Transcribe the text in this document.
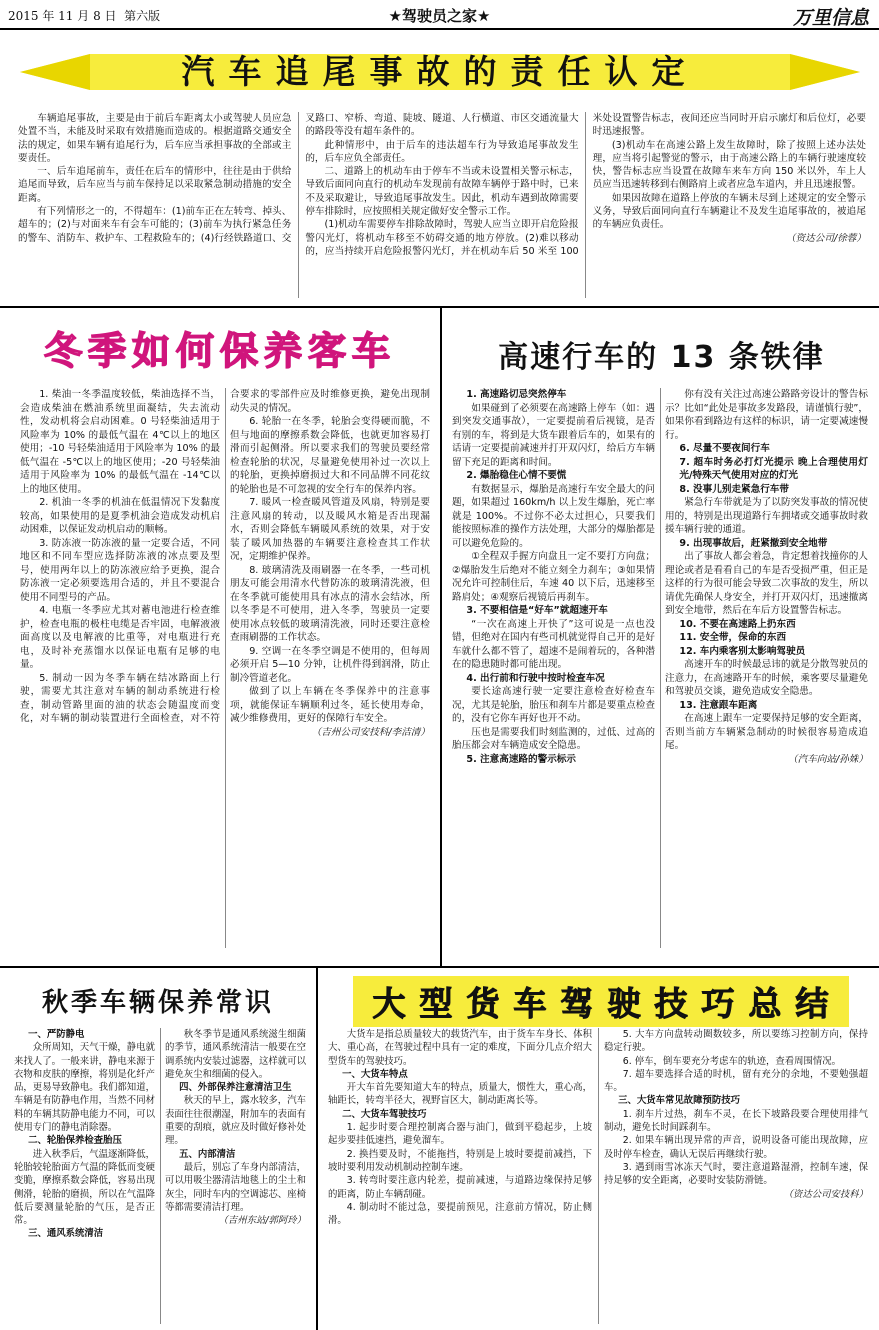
2015 年 11 月 8 日 第六版	★驾驶员之家★	万里信息
汽车追尾事故的责任认定

车辆追尾事故，主要是由于前后车距离太小或驾驶人员应急处置不当，未能及时采取有效措施而造成的。根据道路交通安全法的规定，如果车辆有追尾行为，后车应当承担事故的全部或主要责任。

一、后车追尾前车，责任在后车的情形中，往往是由于供给追尾而导致，后车应当与前车保持足以采取紧急制动措施的安全距离。

有下列情形之一的，不得超车：(1)前车正在左转弯、掉头、超车的；(2)与对面来车有会车可能的；(3)前车为执行紧急任务的警车、消防车、救护车、工程救险车的；(4)行经铁路道口、交叉路口、窄桥、弯道、陡坡、隧道、人行横道、市区交通流量大的路段等没有超车条件的。

此种情形中，由于后车的违法超车行为导致追尾事故发生的，后车应负全部责任。

二、道路上的机动车由于停车不当或未设置相关警示标志，导致后面同向直行的机动车发现前有故障车辆停于路中时，已来不及采取避让，导致追尾事故发生。因此，机动车遇到故障需要停车排除时，应按照相关规定做好安全警示工作。

(1)机动车需要停车排除故障时，驾驶人应当立即开启危险报警闪光灯，将机动车移至不妨碍交通的地方停放。(2)难以移动的，应当持续开启危险报警闪光灯，并在机动车后 50 米至 100 米处设置警告标志，夜间还应当同时开启示廓灯和后位灯，必要时迅速报警。

(3)机动车在高速公路上发生故障时，除了按照上述办法处理，应当将引起警觉的警示，由于高速公路上的车辆行驶速度较快，警告标志应当设置在故障车来车方向 150 米以外，车上人员应当迅速转移到右侧路肩上或者应急车道内，并且迅速报警。

如果因故障在道路上停放的车辆未尽到上述规定的安全警示义务，导致后面同向直行车辆避让不及发生追尾事故的，被追尾的车辆应负责任。

（资达公司/徐蓉）

冬季如何保养客车

1. 柴油一冬季温度较低，柴油选择不当，会造成柴油在燃油系统里面凝结，失去流动性，发动机将会启动困难。0 号轻柴油适用于风险率为 10% 的最低气温在 4℃以上的地区使用；-10 号轻柴油适用于风险率为 10% 的最低气温在 -5℃以上的地区使用；-20 号轻柴油适用于风险率为 10% 的最低气温在 -14℃以上的地区使用。

2. 机油一冬季的机油在低温情况下发黏度较高，如果使用的是夏季机油会造成发动机启动困难，以保证发动机启动的顺畅。

3. 防冻液一防冻液的量一定要合适，不同地区和不同车型应选择防冻液的冰点要及型号，使用两年以上的防冻液应给予更换，混合防冻液一定必须要选用合适的，并且不要混合使用不同型号的产品。

4. 电瓶一冬季应尤其对蓄电池进行检查维护，检查电瓶的极柱电缆是否牢固，电解液液面高度以及电解液的比重等，对电瓶进行充电，及时补充蒸馏水以保证电瓶有足够的电量。

5. 制动一因为冬季车辆在结冰路面上行驶，需要尤其注意对车辆的制动系统进行检查，制动管路里面的油的状态会随温度而变化，对车辆的制动装置进行全面检查，对不符合要求的零部件应及时维修更换，避免出现制动失灵的情况。

6. 轮胎一在冬季，轮胎会变得硬而脆，不但与地面的摩擦系数会降低，也就更加容易打滑而引起侧滑。所以要求我们的驾驶员要经常检查轮胎的状况，尽量避免使用补过一次以上的轮胎，更换掉磨损过大和不同品牌不同花纹的轮胎也是不可忽视的安全行车的保养内容。

7. 暖风一检查暖风管道及风扇，特别是要注意风扇的转动，以及暖风水箱是否出现漏水，否则会降低车辆暖风系统的效果，对于安装了暖风加热器的车辆要注意检查其工作状况，定期维护保养。

8. 玻璃清洗及雨刷器一在冬季，一些司机朋友可能会用清水代替防冻的玻璃清洗液，但在冬季就可能使用具有冰点的清水会结冰，所以冬季是不可使用，进入冬季，驾驶员一定要使用冰点较低的玻璃清洗液，同时还要注意检查雨刷器的工作状态。

9. 空调一在冬季空调是不使用的，但每周必须开启 5—10 分钟，让机件得到润滑，防止制冷管道老化。

做到了以上车辆在冬季保养中的注意事项，就能保证车辆顺利过冬，延长使用寿命，减少维修费用，更好的保障行车安全。

（吉州公司安技科/李洁清）

高速行车的 13 条铁律

1. 高速路切忌突然停车

如果碰到了必须要在高速路上停车（如：遇到突发交通事故），一定要提前看后视镜，是否有别的车，将到是大货车跟着后车的，如果有的话请一定要提前减速并打开双闪灯，给后方车辆留下充足的距离和时间。

2. 爆胎稳住心情不要慌

有数据显示，爆胎是高速行车安全最大的问题，如果超过 160km/h 以上发生爆胎，死亡率就是 100%。不过你不必太过担心，只要我们能按照标准的操作方法处理，大部分的爆胎都是可以避免危险的。

①全程双手握方向盘且一定不要打方向盘；②爆胎发生后绝对不能立刻全力刹车；③如果情况允许可控制住后，车速 40 以下后，迅速移至路肩处；④观察后视镜后再刹车。

3. 不要相信是“好车”就超速开车

“一次在高速上开快了”这可说是一点也没错，但绝对在国内有些司机就觉得自己开的是好车就什么都不管了，超速不是闹着玩的，各种潜在的隐患随时都可能出现。

4. 出行前和行驶中按时检查车况

要长途高速行驶一定要注意检查好检查车况，尤其是轮胎，胎压和刹车片都是要重点检查的，没有它你车再好也开不动。

压也是需要我们时刻监测的，过低、过高的胎压都会对车辆造成安全隐患。

5. 注意高速路的警示标示

你有没有关注过高速公路路旁设计的警告标示？比如“此处是事故多发路段，请谨慎行驶”，如果你看到路边有这样的标识，请一定要减速慢行。

6. 尽量不要夜间行车

7. 超车时务必打灯光提示 晚上合理使用灯光/特殊天气使用对应的灯光

8. 没事儿别走紧急行车带

紧急行车带就是为了以防突发事故的情况使用的，特别是出现道路行车拥堵或交通事故时救援车辆行驶的通道。

9. 出现事故后，赶紧撤到安全地带

出了事故人都会着急，肯定想着找撞你的人理论或者是看看自己的车是否受损严重，但正是这样的行为很可能会导致二次事故的发生，所以请优先确保人身安全，并打开双闪灯，迅速撤离到安全地带，然后在车后方设置警告标志。

10. 不要在高速路上扔东西

11. 安全带，保命的东西

12. 车内乘客别太影响驾驶员

高速开车的时候最忌讳的就是分散驾驶员的注意力，在高速路开车的时候，乘客要尽量避免和驾驶员交谈，避免造成安全隐患。

13. 注意跟车距离

在高速上跟车一定要保持足够的安全距离，否则当前方车辆紧急制动的时候很容易造成追尾。

（汽车向站/孙姝）

秋季车辆保养常识

一、严防静电

众所周知，天气干燥，静电就来找人了。一般来讲，静电来源于衣物和皮肤的摩擦，将别是化纤产品，更易导致静电。我们都知道，车辆是有防静电作用，当然不同材料的车辆其防静电能力不同，可以使用专门的静电消除器。

二、轮胎保养检查胎压

进入秋季后，气温逐渐降低，轮胎较轮胎面方气温的降低而变硬变脆，摩擦系数会降低，容易出现侧滑，轮胎的磨损，所以在气温降低后要测量轮胎的气压，是否正常。

三、通风系统清洁

秋冬季节是通风系统滋生细菌的季节，通风系统清洁一般要在空调系统内安装过滤器，这样就可以避免灰尘和细菌的侵入。

四、外部保养注意清洁卫生

秋天的早上，露水较多，汽车表面往往很潮湿，附加车的表面有重要的刮痕，就应及时做好修补处理。

五、内部清洁

最后，别忘了车身内部清洁，可以用吸尘器清洁地毯上的尘土和灰尘，同时车内的空调滤芯、座椅等都需要清洁打理。

（吉州东站/郭阿玲）

大型货车驾驶技巧总结

大货车是指总质量较大的载货汽车，由于货车车身长、体积大、重心高，在驾驶过程中具有一定的难度，下面分几点介绍大型货车的驾驶技巧。

一、大货车特点

开大车首先要知道大车的特点，质量大，惯性大，重心高，轴距长，转弯半径大，视野盲区大，制动距离长等。

二、大货车驾驶技巧

1. 起步时要合理控制离合器与油门，做到平稳起步，上坡起步要挂低速挡，避免溜车。

2. 换挡要及时，不能拖挡，特别是上坡时要提前减挡，下坡时要利用发动机制动控制车速。

3. 转弯时要注意内轮差，提前减速，与道路边缘保持足够的距离，防止车辆刮碰。

4. 制动时不能过急，要提前预见，注意前方情况，防止侧滑。

5. 大车方向盘转动圈数较多，所以要练习控制方向，保持稳定行驶。

6. 停车，倒车要充分考虑车的轨迹，查看周围情况。

7. 超车要选择合适的时机，留有充分的余地，不要勉强超车。

三、大货车常见故障预防技巧

1. 刹车片过热，刹车不灵，在长下坡路段要合理使用排气制动，避免长时间踩刹车。

2. 如果车辆出现异常的声音，说明设备可能出现故障，应及时停车检查，确认无误后再继续行驶。

3. 遇到雨雪冰冻天气时，要注意道路湿滑，控制车速，保持足够的安全距离，必要时安装防滑链。

（资达公司安技科）
